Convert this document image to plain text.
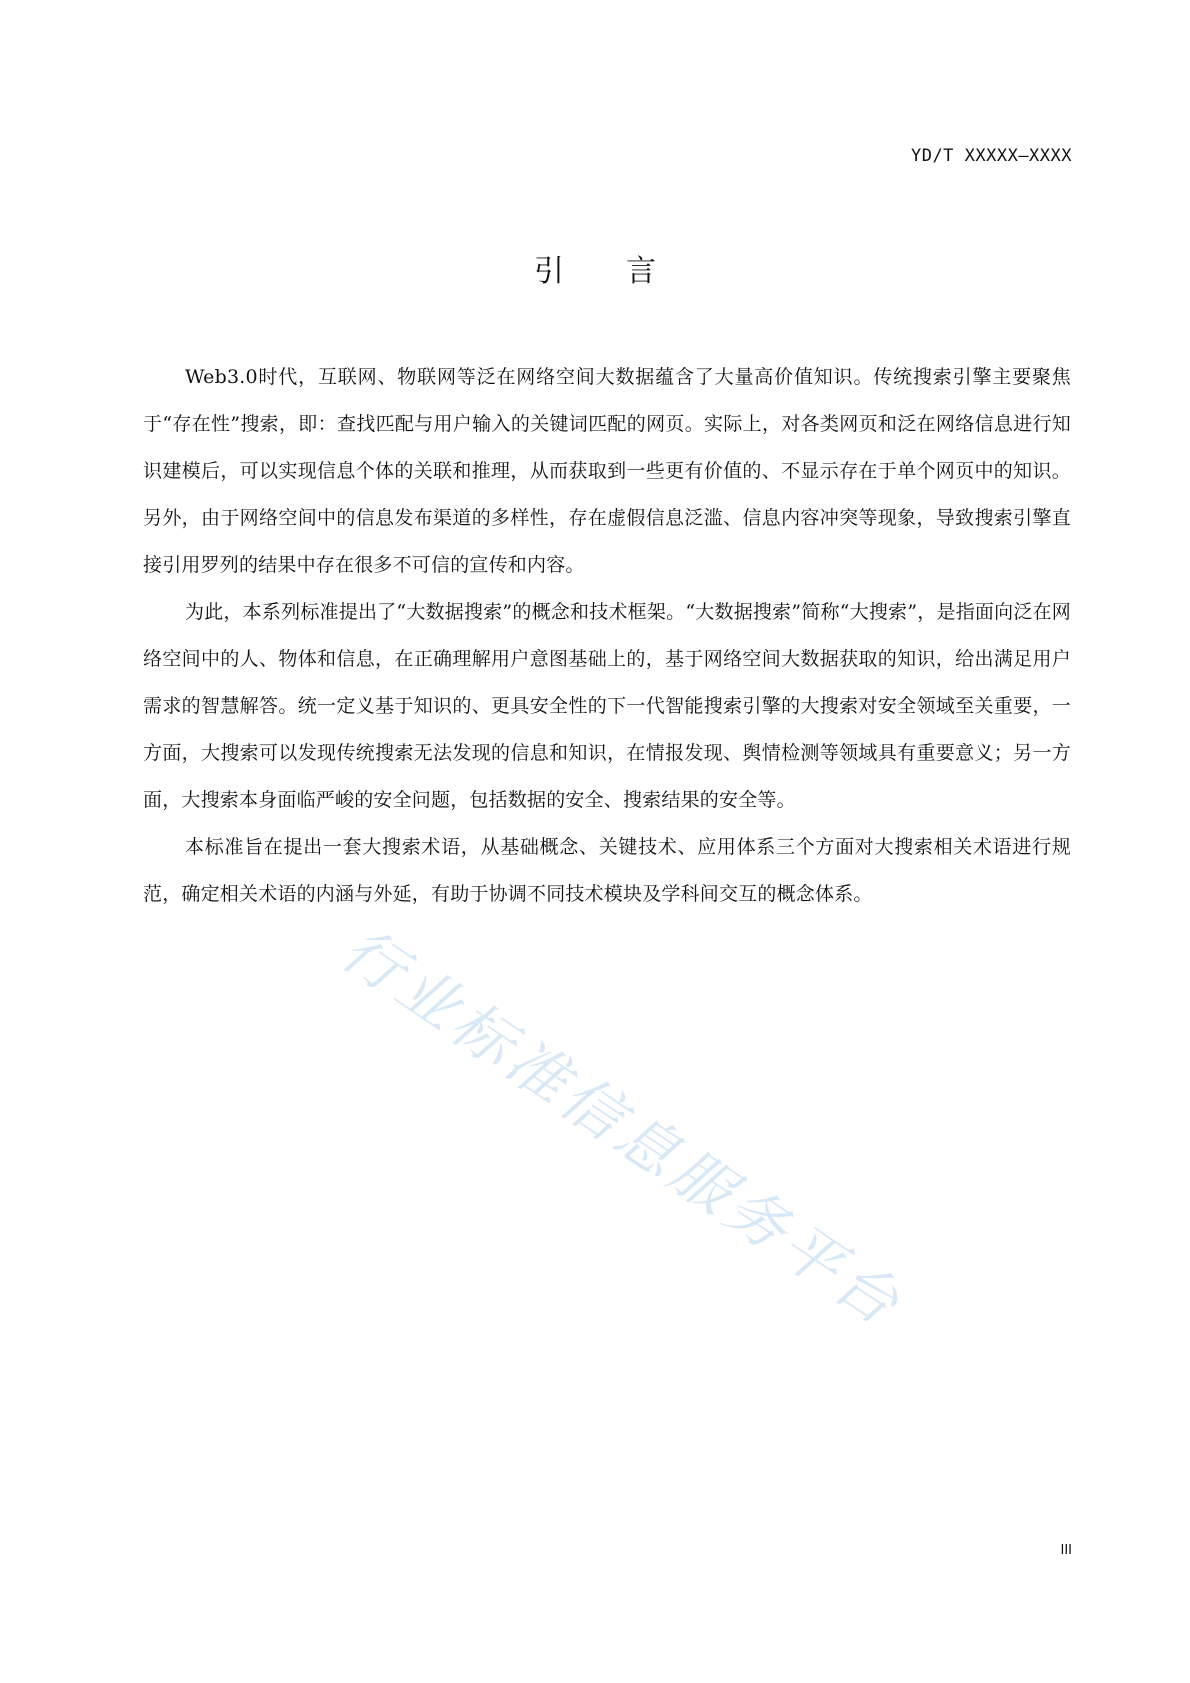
YD/T XXXXX—XXXX
引言

Web3.0时代，互联网、物联网等泛在网络空间大数据蕴含了大量高价值知识。传统搜索引擎主要聚焦于“存在性”搜索，即：查找匹配与用户输入的关键词匹配的网页。实际上，对各类网页和泛在网络信息进行知识建模后，可以实现信息个体的关联和推理，从而获取到一些更有价值的、不显示存在于单个网页中的知识。另外，由于网络空间中的信息发布渠道的多样性，存在虚假信息泛滥、信息内容冲突等现象，导致搜索引擎直接引用罗列的结果中存在很多不可信的宣传和内容。

为此，本系列标准提出了“大数据搜索”的概念和技术框架。“大数据搜索”简称“大搜索”，是指面向泛在网络空间中的人、物体和信息，在正确理解用户意图基础上的，基于网络空间大数据获取的知识，给出满足用户需求的智慧解答。统一定义基于知识的、更具安全性的下一代智能搜索引擎的大搜索对安全领域至关重要，一方面，大搜索可以发现传统搜索无法发现的信息和知识，在情报发现、舆情检测等领域具有重要意义；另一方面，大搜索本身面临严峻的安全问题，包括数据的安全、搜索结果的安全等。

本标准旨在提出一套大搜索术语，从基础概念、关键技术、应用体系三个方面对大搜索相关术语进行规范，确定相关术语的内涵与外延，有助于协调不同技术模块及学科间交互的概念体系。

行业标准信息服务平台
III
